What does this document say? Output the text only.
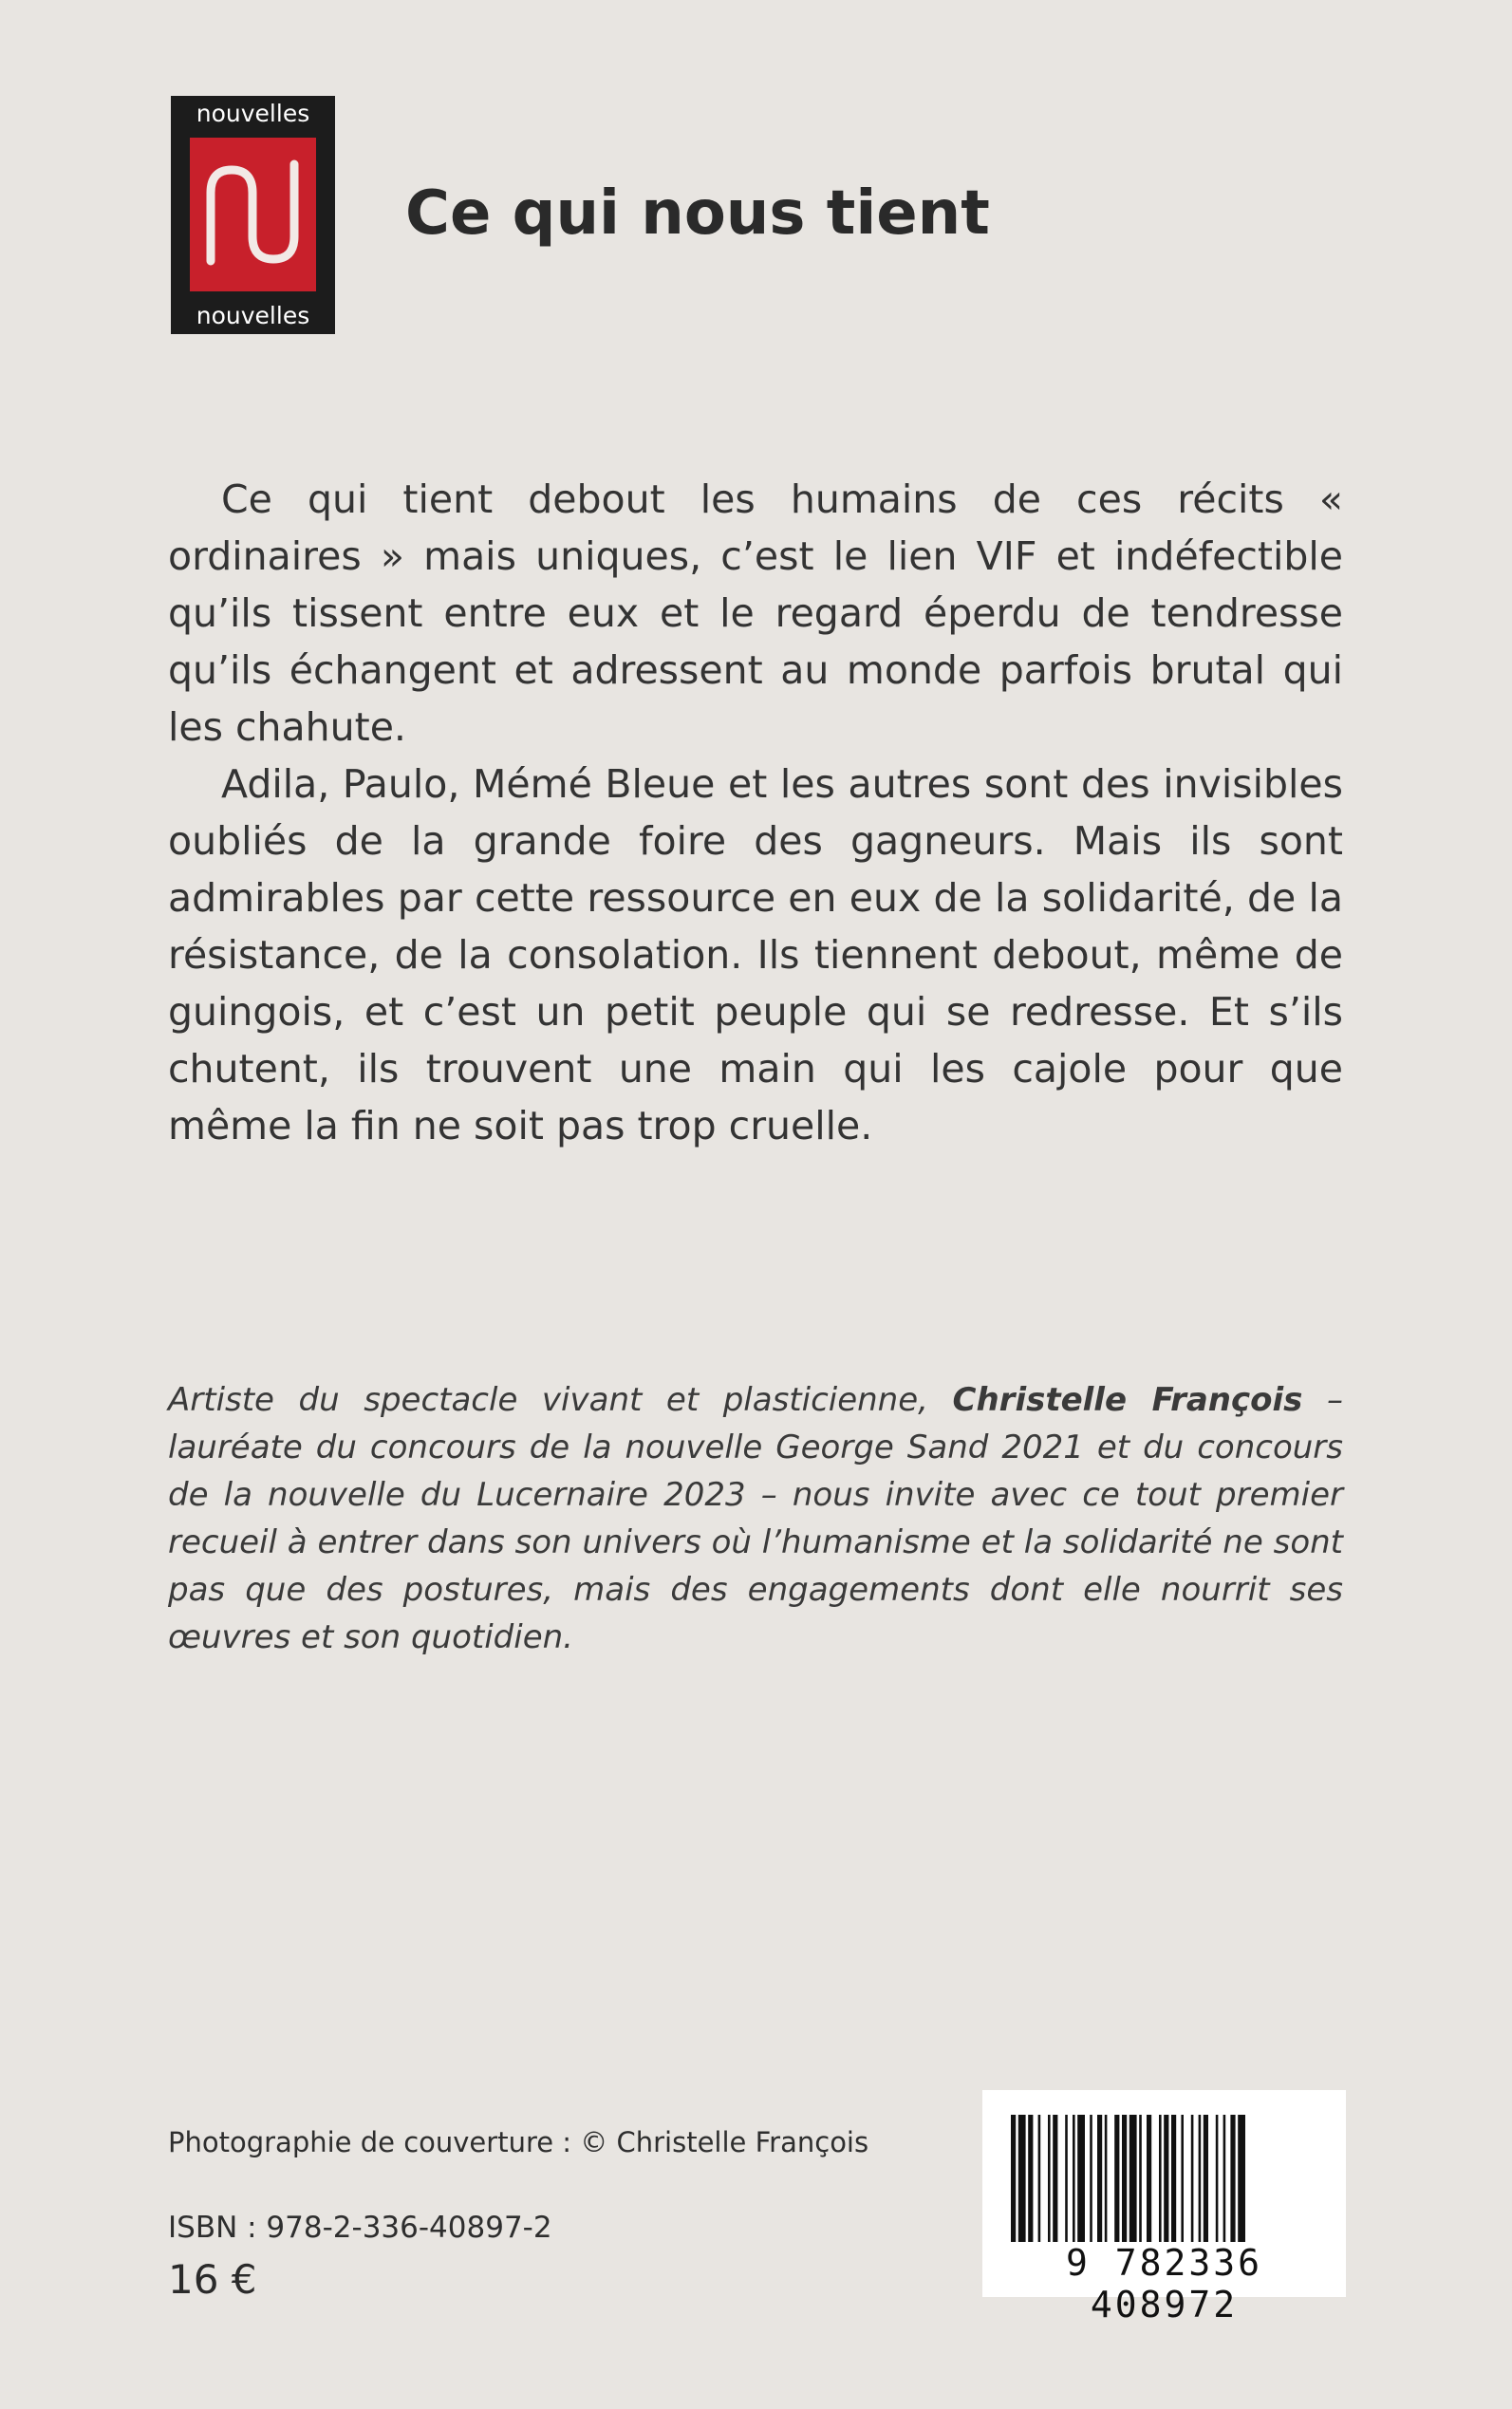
nouvelles
nouvelles
Ce qui nous tient

Ce qui tient debout les humains de ces récits « ordinaires » mais uniques, c’est le lien VIF et indéfectible qu’ils tissent entre eux et le regard éperdu de tendresse qu’ils échangent et adressent au monde parfois brutal qui les chahute.

Adila, Paulo, Mémé Bleue et les autres sont des invisibles oubliés de la grande foire des gagneurs. Mais ils sont admirables par cette ressource en eux de la solidarité, de la résistance, de la consolation. Ils tiennent debout, même de guingois, et c’est un petit peuple qui se redresse. Et s’ils chutent, ils trouvent une main qui les cajole pour que même la fin ne soit pas trop cruelle.

Artiste du spectacle vivant et plasticienne, Christelle François – lauréate du concours de la nouvelle George Sand 2021 et du concours de la nouvelle du Lucernaire 2023 – nous invite avec ce tout premier recueil à entrer dans son univers où l’humanisme et la solidarité ne sont pas que des postures, mais des engagements dont elle nourrit ses œuvres et son quotidien.

Photographie de couverture : © Christelle François
ISBN : 978-2-336-40897-2
16 €	9 782336 408972
